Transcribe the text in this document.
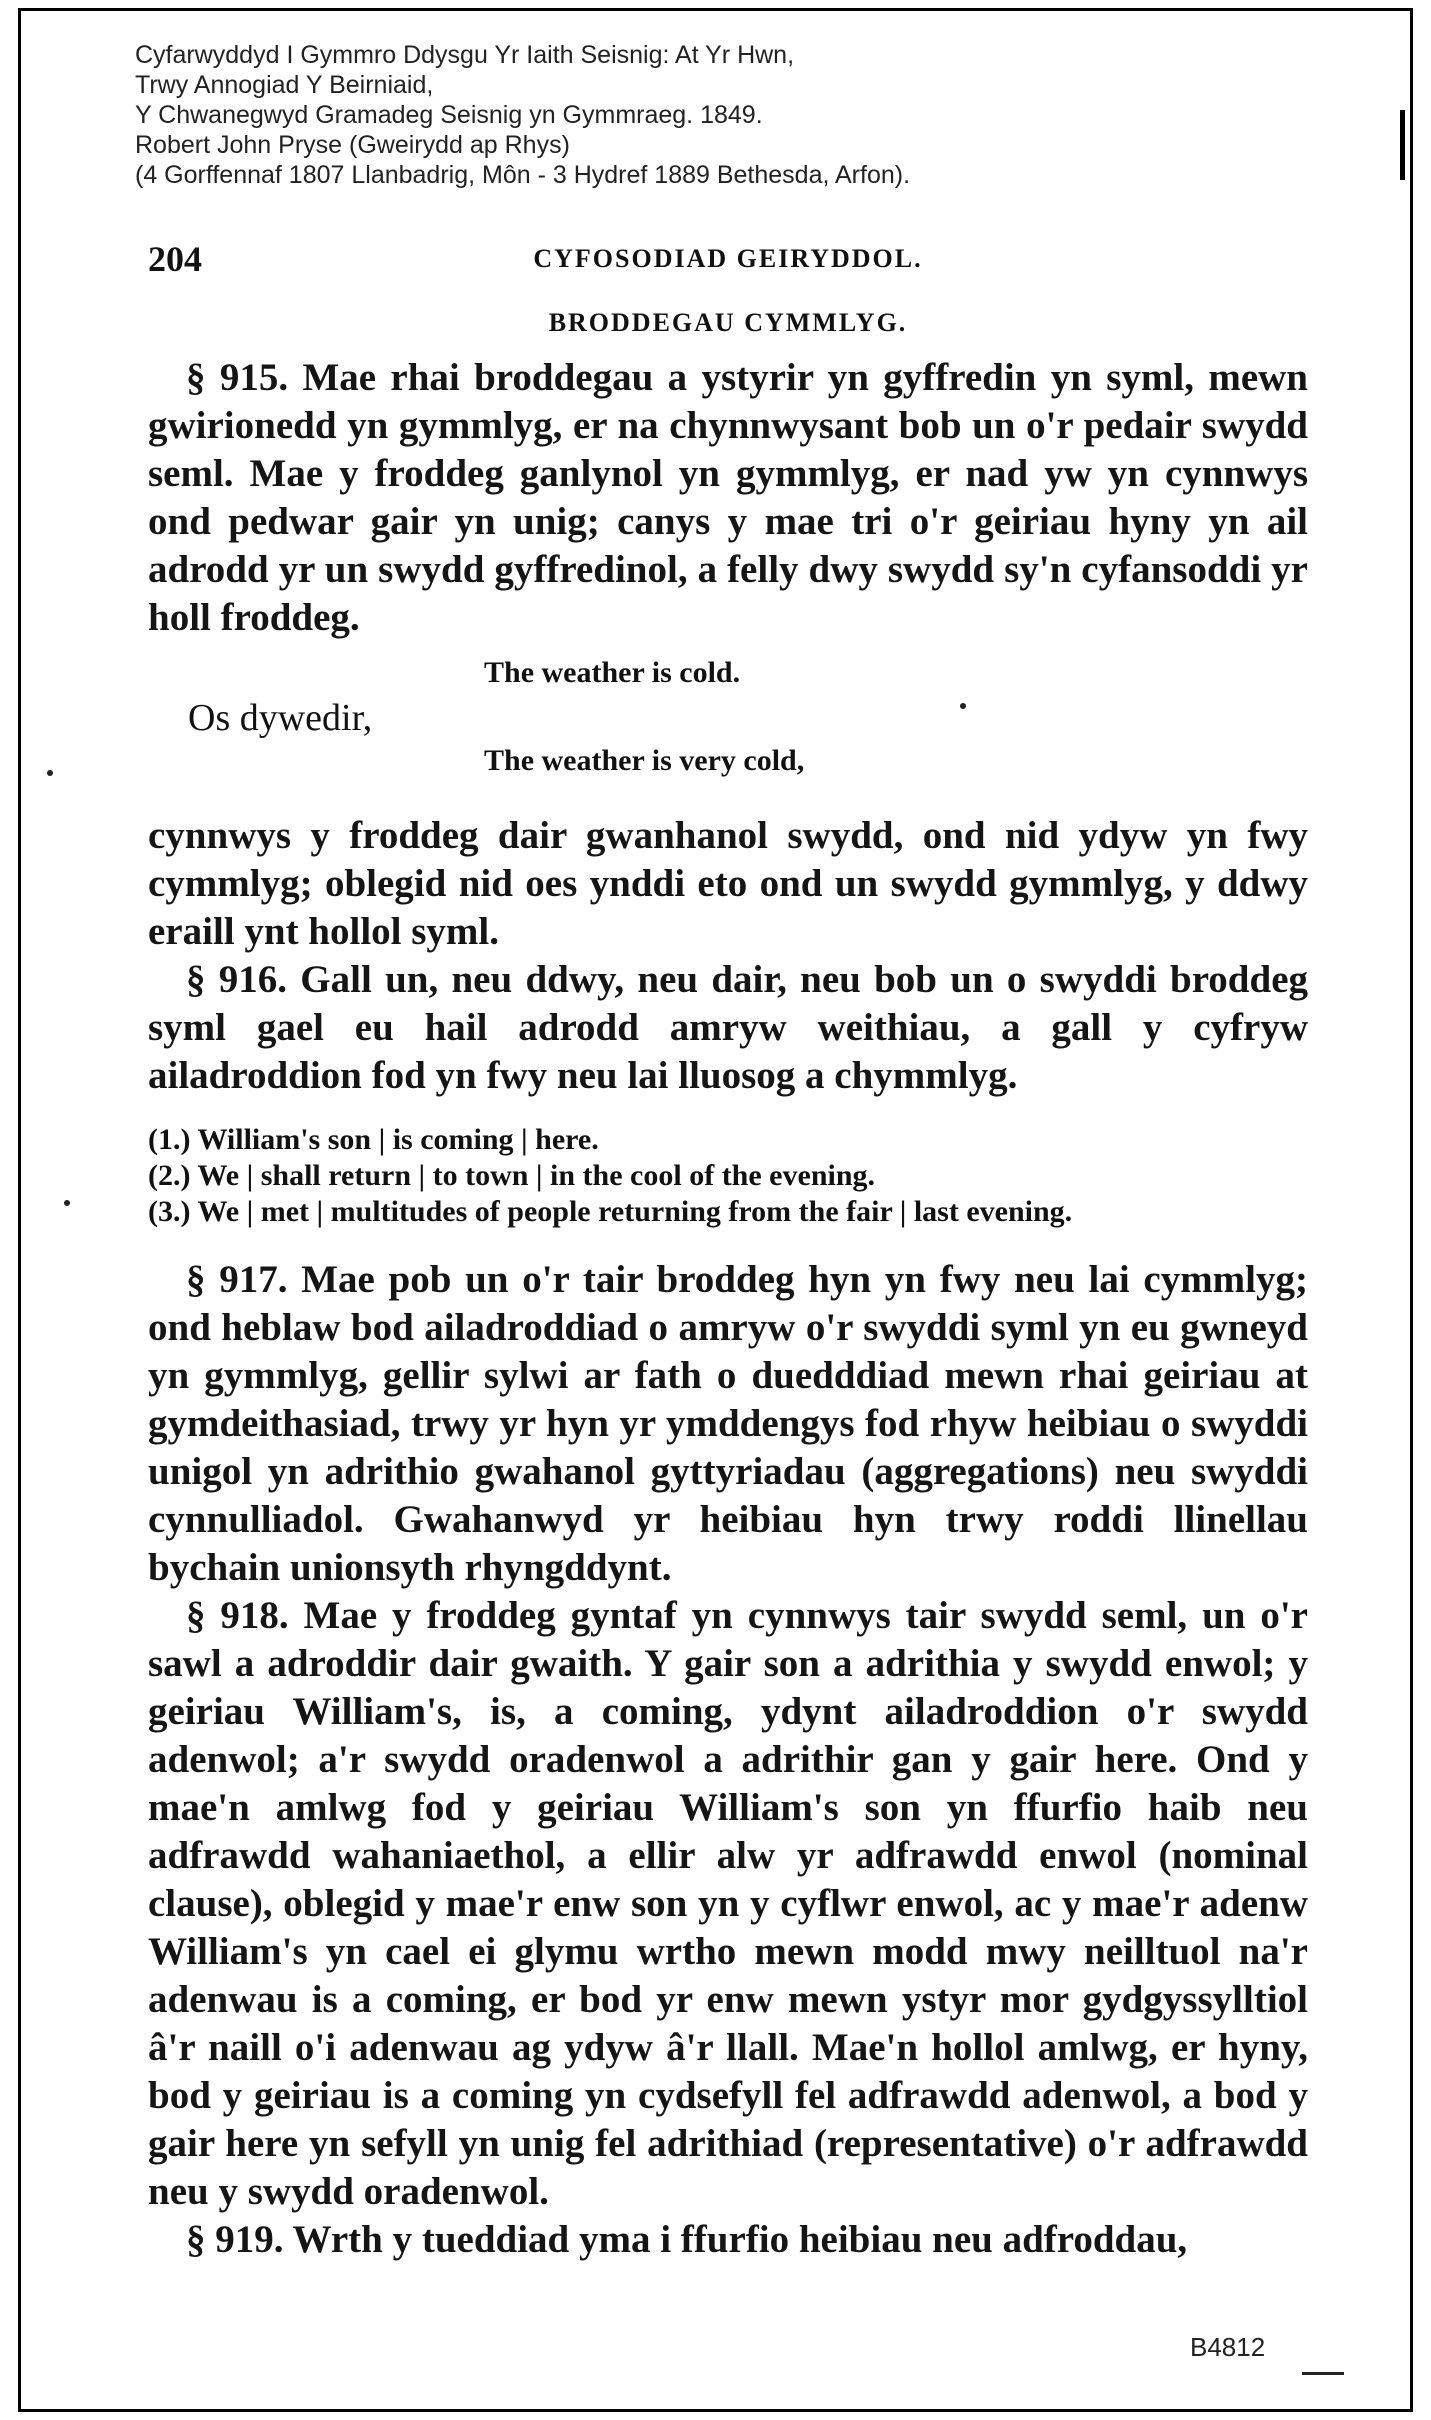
Cyfarwyddyd I Gymmro Ddysgu Yr Iaith Seisnig: At Yr Hwn,
Trwy Annogiad Y Beirniaid,
Y Chwanegwyd Gramadeg Seisnig yn Gymmraeg. 1849.
Robert John Pryse (Gweirydd ap Rhys)
(4 Gorffennaf 1807 Llanbadrig, Môn - 3 Hydref 1889 Bethesda, Arfon).
204	CYFOSODIAD GEIRYDDOL.
BRODDEGAU CYMMLYG.

§ 915. Mae rhai broddegau a ystyrir yn gyffredin yn syml, mewn gwirionedd yn gymmlyg, er na chynnwysant bob un o'r pedair swydd seml. Mae y froddeg ganlynol yn gymmlyg, er nad yw yn cynnwys ond pedwar gair yn unig; canys y mae tri o'r geiriau hyny yn ail adrodd yr un swydd gyffredinol, a felly dwy swydd sy'n cyfansoddi yr holl froddeg.

The weather is cold.
Os dywedir,
The weather is very cold,

cynnwys y froddeg dair gwanhanol swydd, ond nid ydyw yn fwy cymmlyg; oblegid nid oes ynddi eto ond un swydd gymmlyg, y ddwy eraill ynt hollol syml.

§ 916. Gall un, neu ddwy, neu dair, neu bob un o swyddi broddeg syml gael eu hail adrodd amryw weithiau, a gall y cyfryw ailadroddion fod yn fwy neu lai lluosog a chymmlyg.

(1.) William's son | is coming | here.
(2.) We | shall return | to town | in the cool of the evening.
(3.) We | met | multitudes of people returning from the fair | last evening.

§ 917. Mae pob un o'r tair broddeg hyn yn fwy neu lai cymmlyg; ond heblaw bod ailadroddiad o amryw o'r swyddi syml yn eu gwneyd yn gymmlyg, gellir sylwi ar fath o duedddiad mewn rhai geiriau at gymdeithasiad, trwy yr hyn yr ymddengys fod rhyw heibiau o swyddi unigol yn adrithio gwahanol gyttyriadau (aggregations) neu swyddi cynnulliadol. Gwahanwyd yr heibiau hyn trwy roddi llinellau bychain unionsyth rhyngddynt.

§ 918. Mae y froddeg gyntaf yn cynnwys tair swydd seml, un o'r sawl a adroddir dair gwaith. Y gair son a adrithia y swydd enwol; y geiriau William's, is, a coming, ydynt ailadroddion o'r swydd adenwol; a'r swydd oradenwol a adrithir gan y gair here. Ond y mae'n amlwg fod y geiriau William's son yn ffurfio haib neu adfrawdd wahaniaethol, a ellir alw yr adfrawdd enwol (nominal clause), oblegid y mae'r enw son yn y cyflwr enwol, ac y mae'r adenw William's yn cael ei glymu wrtho mewn modd mwy neilltuol na'r adenwau is a coming, er bod yr enw mewn ystyr mor gydgyssylltiol â'r naill o'i adenwau ag ydyw â'r llall. Mae'n hollol amlwg, er hyny, bod y geiriau is a coming yn cydsefyll fel adfrawdd adenwol, a bod y gair here yn sefyll yn unig fel adrithiad (representative) o'r adfrawdd neu y swydd oradenwol.

§ 919. Wrth y tueddiad yma i ffurfio heibiau neu adfroddau,

B4812
